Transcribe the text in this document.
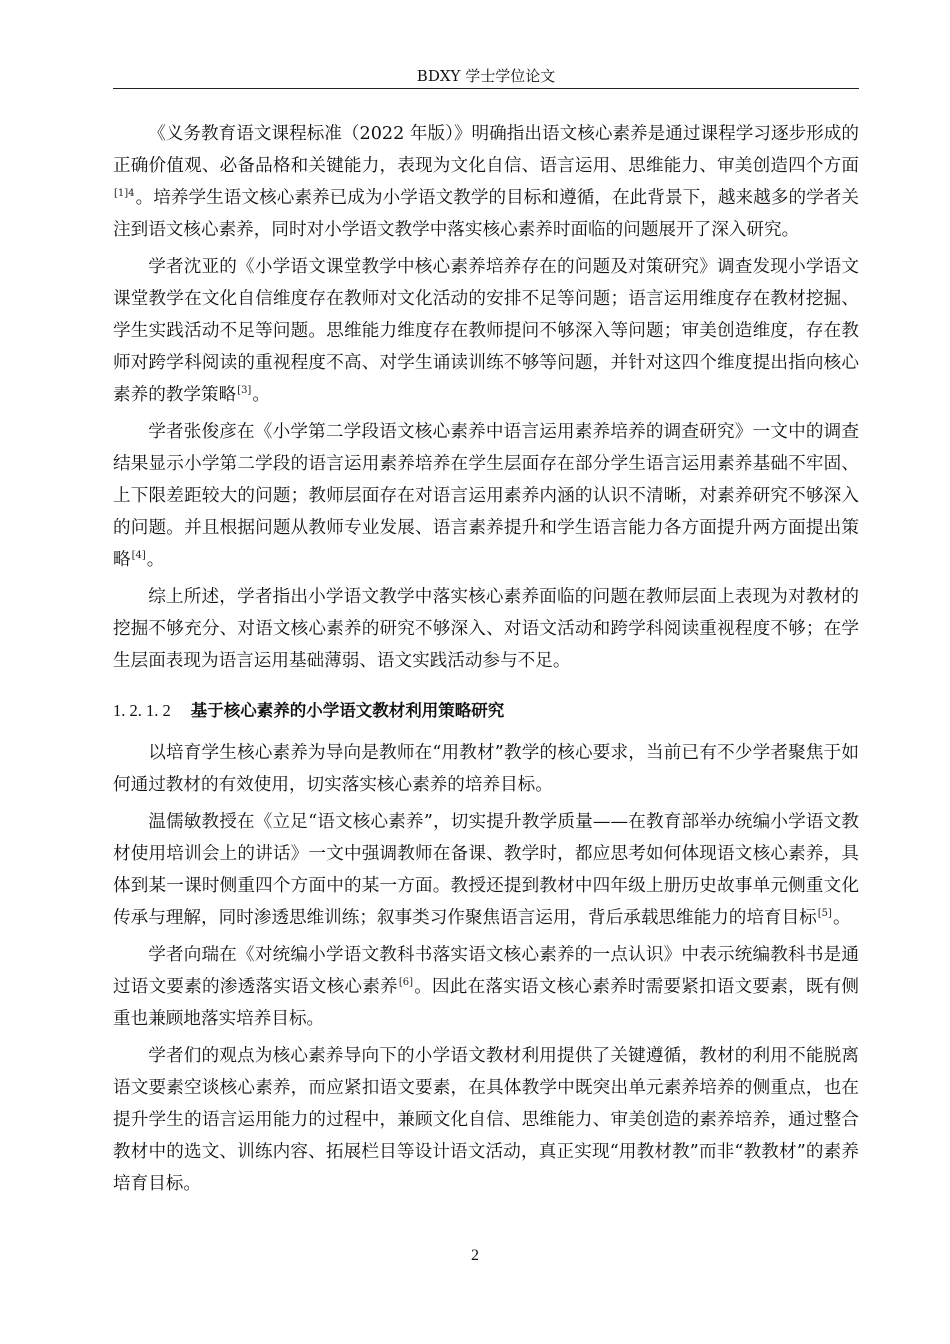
BDXY 学士学位论文

《义务教育语文课程标准（2022 年版）》明确指出语文核心素养是通过课程学习逐步形成的正确价值观、必备品格和关键能力，表现为文化自信、语言运用、思维能力、审美创造四个方面$^{[1]4}$。培养学生语文核心素养已成为小学语文教学的目标和遵循，在此背景下，越来越多的学者关注到语文核心素养，同时对小学语文教学中落实核心素养时面临的问题展开了深入研究。

学者沈亚的《小学语文课堂教学中核心素养培养存在的问题及对策研究》调查发现小学语文课堂教学在文化自信维度存在教师对文化活动的安排不足等问题；语言运用维度存在教材挖掘、学生实践活动不足等问题。思维能力维度存在教师提问不够深入等问题；审美创造维度，存在教师对跨学科阅读的重视程度不高、对学生诵读训练不够等问题，并针对这四个维度提出指向核心素养的教学策略[3]。

学者张俊彦在《小学第二学段语文核心素养中语言运用素养培养的调查研究》一文中的调查结果显示小学第二学段的语言运用素养培养在学生层面存在部分学生语言运用素养基础不牢固、上下限差距较大的问题；教师层面存在对语言运用素养内涵的认识不清晰，对素养研究不够深入的问题。并且根据问题从教师专业发展、语言素养提升和学生语言能力各方面提升两方面提出策略[4]。

综上所述，学者指出小学语文教学中落实核心素养面临的问题在教师层面上表现为对教材的挖掘不够充分、对语文核心素养的研究不够深入、对语文活动和跨学科阅读重视程度不够；在学生层面表现为语言运用基础薄弱、语文实践活动参与不足。

1. 2. 1. 2 基于核心素养的小学语文教材利用策略研究

以培育学生核心素养为导向是教师在“用教材”教学的核心要求，当前已有不少学者聚焦于如何通过教材的有效使用，切实落实核心素养的培养目标。

温儒敏教授在《立足“语文核心素养”，切实提升教学质量——在教育部举办统编小学语文教材使用培训会上的讲话》一文中强调教师在备课、教学时，都应思考如何体现语文核心素养，具体到某一课时侧重四个方面中的某一方面。教授还提到教材中四年级上册历史故事单元侧重文化传承与理解，同时渗透思维训练；叙事类习作聚焦语言运用，背后承载思维能力的培育目标[5]。

学者向瑞在《对统编小学语文教科书落实语文核心素养的一点认识》中表示统编教科书是通过语文要素的渗透落实语文核心素养[6]。因此在落实语文核心素养时需要紧扣语文要素，既有侧重也兼顾地落实培养目标。

学者们的观点为核心素养导向下的小学语文教材利用提供了关键遵循，教材的利用不能脱离语文要素空谈核心素养，而应紧扣语文要素，在具体教学中既突出单元素养培养的侧重点，也在提升学生的语言运用能力的过程中，兼顾文化自信、思维能力、审美创造的素养培养，通过整合教材中的选文、训练内容、拓展栏目等设计语文活动，真正实现“用教材教”而非“教教材”的素养培育目标。

2
